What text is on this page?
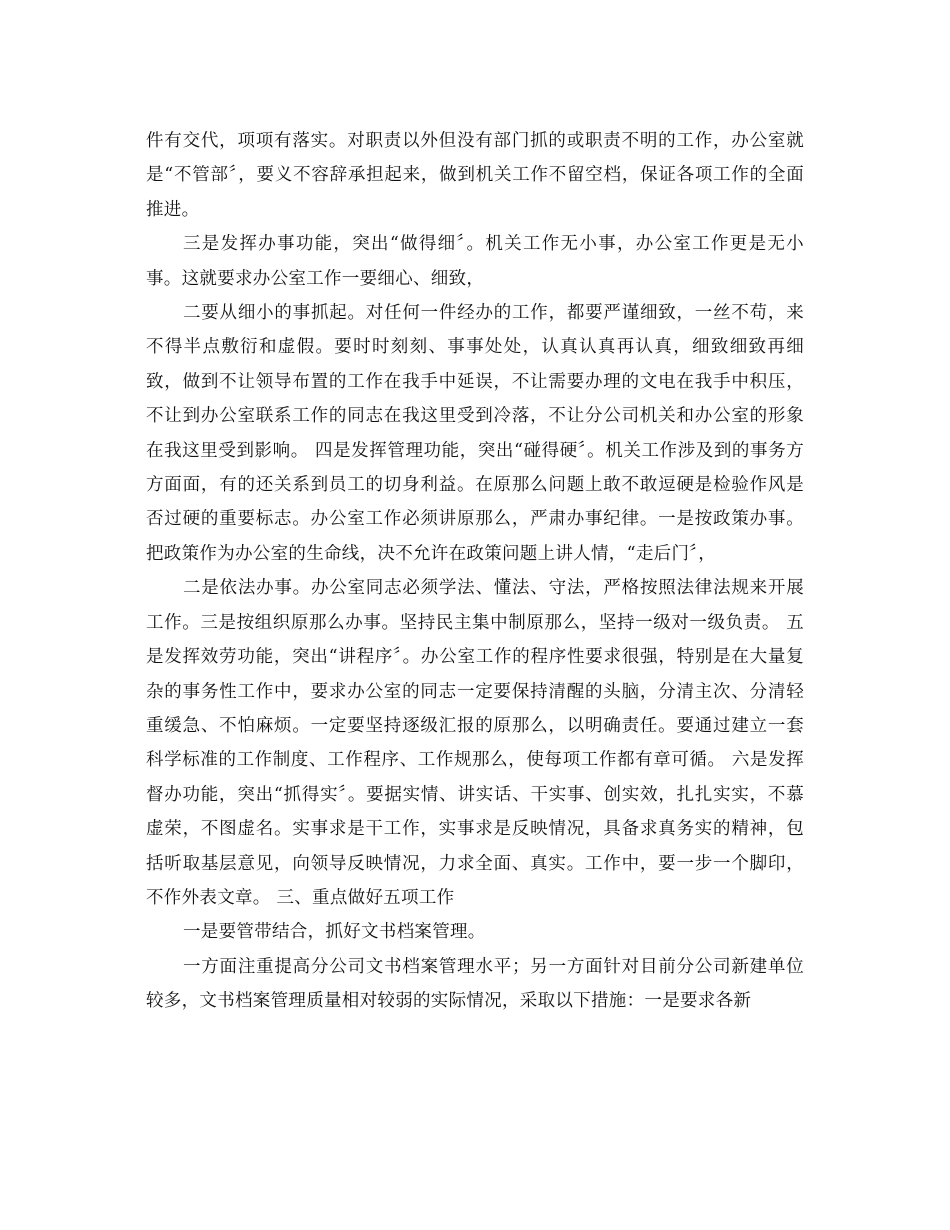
件有交代，项项有落实。对职责以外但没有部门抓的或职责不明的工作，办公室就是“不管部〞，要义不容辞承担起来，做到机关工作不留空档，保证各项工作的全面推进。

三是发挥办事功能，突出“做得细〞。机关工作无小事，办公室工作更是无小事。这就要求办公室工作一要细心、细致，

二要从细小的事抓起。对任何一件经办的工作，都要严谨细致，一丝不苟，来不得半点敷衍和虚假。要时时刻刻、事事处处，认真认真再认真，细致细致再细致，做到不让领导布置的工作在我手中延误，不让需要办理的文电在我手中积压，不让到办公室联系工作的同志在我这里受到冷落，不让分公司机关和办公室的形象在我这里受到影响。 四是发挥管理功能，突出“碰得硬〞。机关工作涉及到的事务方方面面，有的还关系到员工的切身利益。在原那么问题上敢不敢逗硬是检验作风是否过硬的重要标志。办公室工作必须讲原那么，严肃办事纪律。一是按政策办事。把政策作为办公室的生命线，决不允许在政策问题上讲人情，“走后门〞，

二是依法办事。办公室同志必须学法、懂法、守法，严格按照法律法规来开展工作。三是按组织原那么办事。坚持民主集中制原那么，坚持一级对一级负责。 五是发挥效劳功能，突出“讲程序〞。办公室工作的程序性要求很强，特别是在大量复杂的事务性工作中，要求办公室的同志一定要保持清醒的头脑，分清主次、分清轻重缓急、不怕麻烦。一定要坚持逐级汇报的原那么，以明确责任。要通过建立一套科学标准的工作制度、工作程序、工作规那么，使每项工作都有章可循。 六是发挥督办功能，突出“抓得实〞。要据实情、讲实话、干实事、创实效，扎扎实实，不慕虚荣，不图虚名。实事求是干工作，实事求是反映情况，具备求真务实的精神，包括听取基层意见，向领导反映情况，力求全面、真实。工作中，要一步一个脚印，不作外表文章。 三、重点做好五项工作

一是要管带结合，抓好文书档案管理。

一方面注重提高分公司文书档案管理水平；另一方面针对目前分公司新建单位较多，文书档案管理质量相对较弱的实际情况，采取以下措施：一是要求各新
